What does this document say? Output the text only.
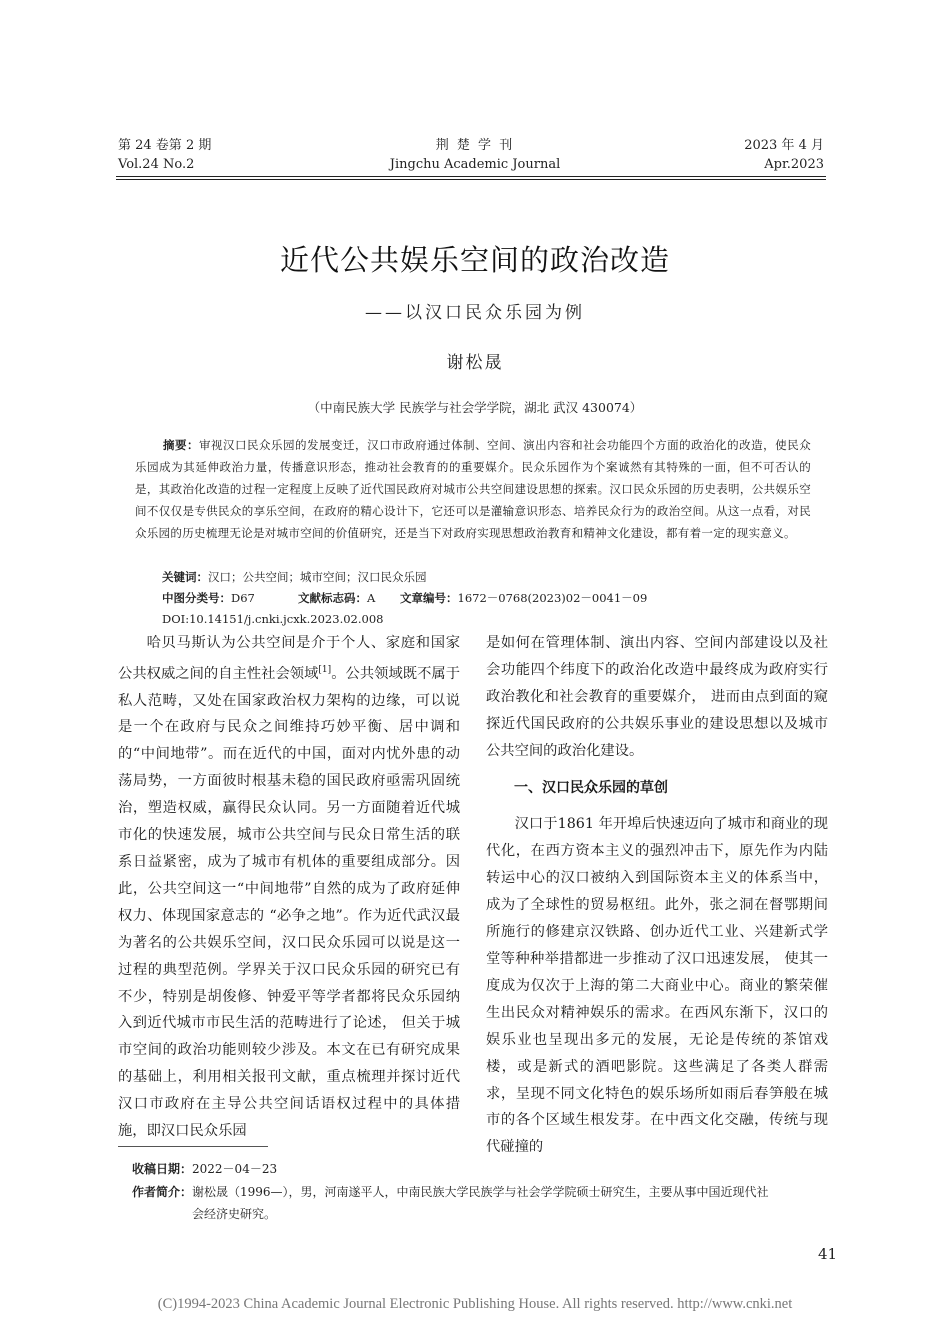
第 24 卷第 2 期
Vol.24 No.2
荆 楚 学 刊
Jingchu Academic Journal
2023 年 4 月
Apr.2023
近代公共娱乐空间的政治改造
——以汉口民众乐园为例
谢松晟
（中南民族大学 民族学与社会学学院，湖北 武汉 430074）
摘要：审视汉口民众乐园的发展变迁，汉口市政府通过体制、空间、演出内容和社会功能四个方面的政治化的改造，使民众乐园成为其延伸政治力量，传播意识形态，推动社会教育的的重要媒介。民众乐园作为个案诚然有其特殊的一面，但不可否认的是，其政治化改造的过程一定程度上反映了近代国民政府对城市公共空间建设思想的探索。汉口民众乐园的历史表明，公共娱乐空间不仅仅是专供民众的享乐空间，在政府的精心设计下，它还可以是灌输意识形态、培养民众行为的政治空间。从这一点看，对民众乐园的历史梳理无论是对城市空间的价值研究，还是当下对政府实现思想政治教育和精神文化建设，都有着一定的现实意义。
关键词：汉口；公共空间；城市空间；汉口民众乐园
中图分类号：D67	文献标志码：A 文章编号：1672－0768(2023)02－0041－09
DOI:10.14151/j.cnki.jcxk.2023.02.008

哈贝马斯认为公共空间是介于个人、家庭和国家公共权威之间的自主性社会领域[1]。公共领域既不属于私人范畴，又处在国家政治权力架构的边缘，可以说是一个在政府与民众之间维持巧妙平衡、居中调和的“中间地带”。而在近代的中国，面对内忧外患的动荡局势，一方面彼时根基未稳的国民政府亟需巩固统治，塑造权威，赢得民众认同。另一方面随着近代城市化的快速发展，城市公共空间与民众日常生活的联系日益紧密，成为了城市有机体的重要组成部分。因此，公共空间这一“中间地带”自然的成为了政府延伸权力、体现国家意志的 “必争之地”。作为近代武汉最为著名的公共娱乐空间，汉口民众乐园可以说是这一过程的典型范例。学界关于汉口民众乐园的研究已有不少，特别是胡俊修、钟爱平等学者都将民众乐园纳入到近代城市市民生活的范畴进行了论述， 但关于城市空间的政治功能则较少涉及。本文在已有研究成果的基础上，利用相关报刊文献，重点梳理并探讨近代汉口市政府在主导公共空间话语权过程中的具体措施，即汉口民众乐园

是如何在管理体制、演出内容、空间内部建设以及社会功能四个纬度下的政治化改造中最终成为政府实行政治教化和社会教育的重要媒介， 进而由点到面的窥探近代国民政府的公共娱乐事业的建设思想以及城市公共空间的政治化建设。

一、汉口民众乐园的草创

汉口于1861 年开埠后快速迈向了城市和商业的现代化，在西方资本主义的强烈冲击下，原先作为内陆转运中心的汉口被纳入到国际资本主义的体系当中，成为了全球性的贸易枢纽。此外，张之洞在督鄂期间所施行的修建京汉铁路、创办近代工业、兴建新式学堂等种种举措都进一步推动了汉口迅速发展， 使其一度成为仅次于上海的第二大商业中心。商业的繁荣催生出民众对精神娱乐的需求。在西风东渐下，汉口的娱乐业也呈现出多元的发展，无论是传统的茶馆戏楼，或是新式的酒吧影院。这些满足了各类人群需求，呈现不同文化特色的娱乐场所如雨后春笋般在城市的各个区域生根发芽。在中西文化交融，传统与现代碰撞的

收稿日期：2022－04－23
作者简介：谢松晟（1996—），男，河南遂平人，中南民族大学民族学与社会学学院硕士研究生，主要从事中国近现代社
会经济史研究。
41
(C)1994-2023 China Academic Journal Electronic Publishing House. All rights reserved. http://www.cnki.net
